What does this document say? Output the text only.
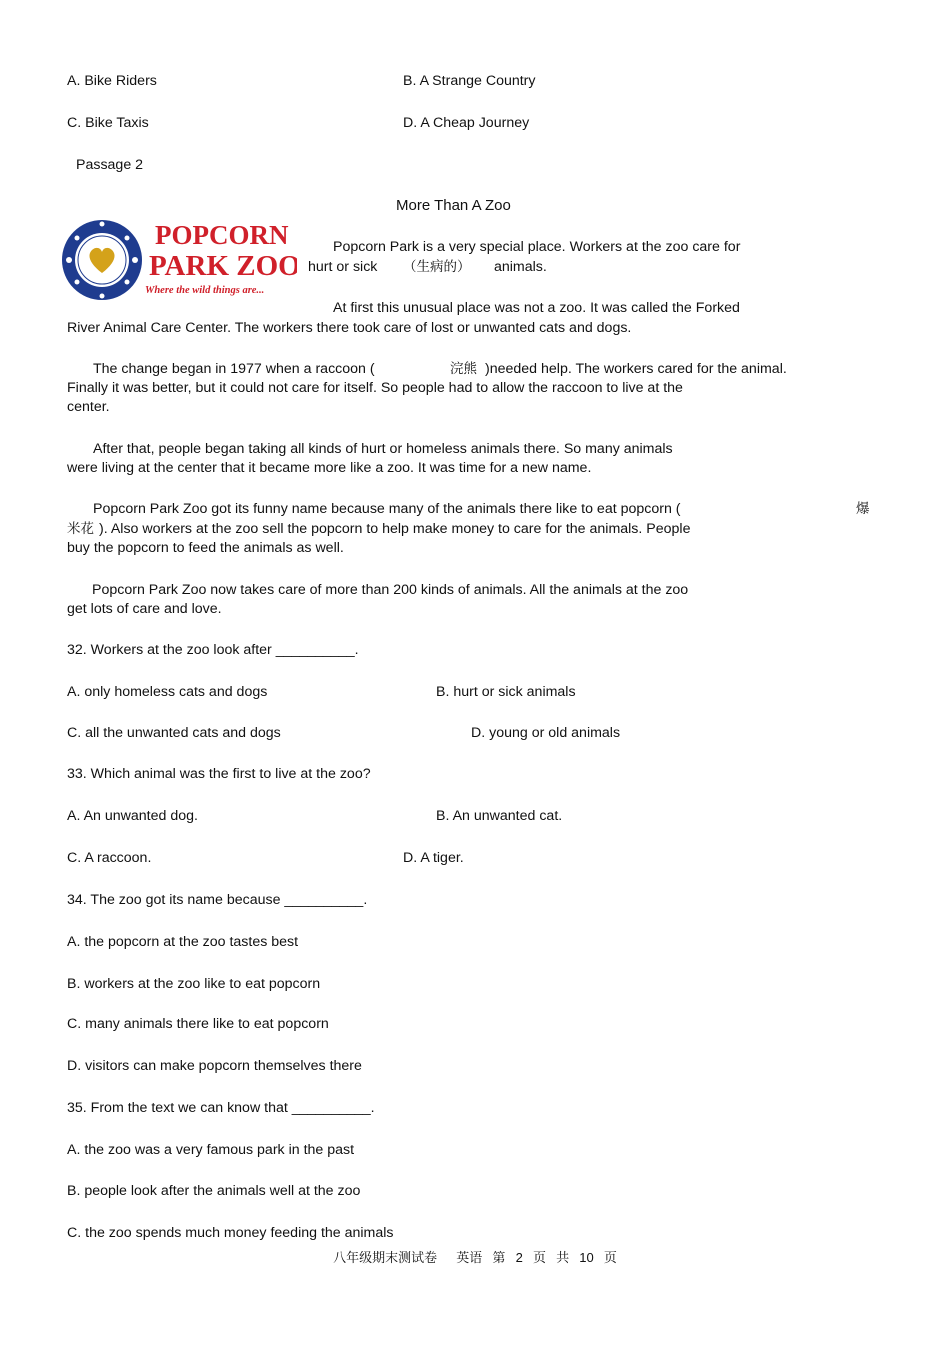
A. Bike Riders	B. A Strange Country
C. Bike Taxis	D. A Cheap Journey
Passage 2
More Than A Zoo
POPCORN
PARK ZOO
Where the wild things are...
Popcorn Park is a very special place. Workers at the zoo care for
hurt or sick （生病的） animals.
At first this unusual place was not a zoo. It was called the Forked
River Animal Care Center. The workers there took care of lost or unwanted cats and dogs.
The change began in 1977 when a raccoon (	浣熊 )needed help. The workers cared for the animal.
Finally it was better, but it could not care for itself. So people had to allow the raccoon to live at the
center.
After that, people began taking all kinds of hurt or homeless animals there. So many animals
were living at the center that it became more like a zoo. It was time for a new name.
Popcorn Park Zoo got its funny name because many of the animals there like to eat popcorn (	爆
米花 ). Also workers at the zoo sell the popcorn to help make money to care for the animals. People
buy the popcorn to feed the animals as well.
Popcorn Park Zoo now takes care of more than 200 kinds of animals. All the animals at the zoo
get lots of care and love.
32. Workers at the zoo look after __________.
A. only homeless cats and dogs	B. hurt or sick animals
C. all the unwanted cats and dogs	D. young or old animals
33. Which animal was the first to live at the zoo?
A. An unwanted dog.	B. An unwanted cat.
C. A raccoon.	D. A tiger.
34. The zoo got its name because __________.
A. the popcorn at the zoo tastes best
B. workers at the zoo like to eat popcorn
C. many animals there like to eat popcorn
D. visitors can make popcorn themselves there
35. From the text we can know that __________.
A. the zoo was a very famous park in the past
B. people look after the animals well at the zoo
C. the zoo spends much money feeding the animals
八年级期末测试卷 英语 第 2 页 共 10 页
